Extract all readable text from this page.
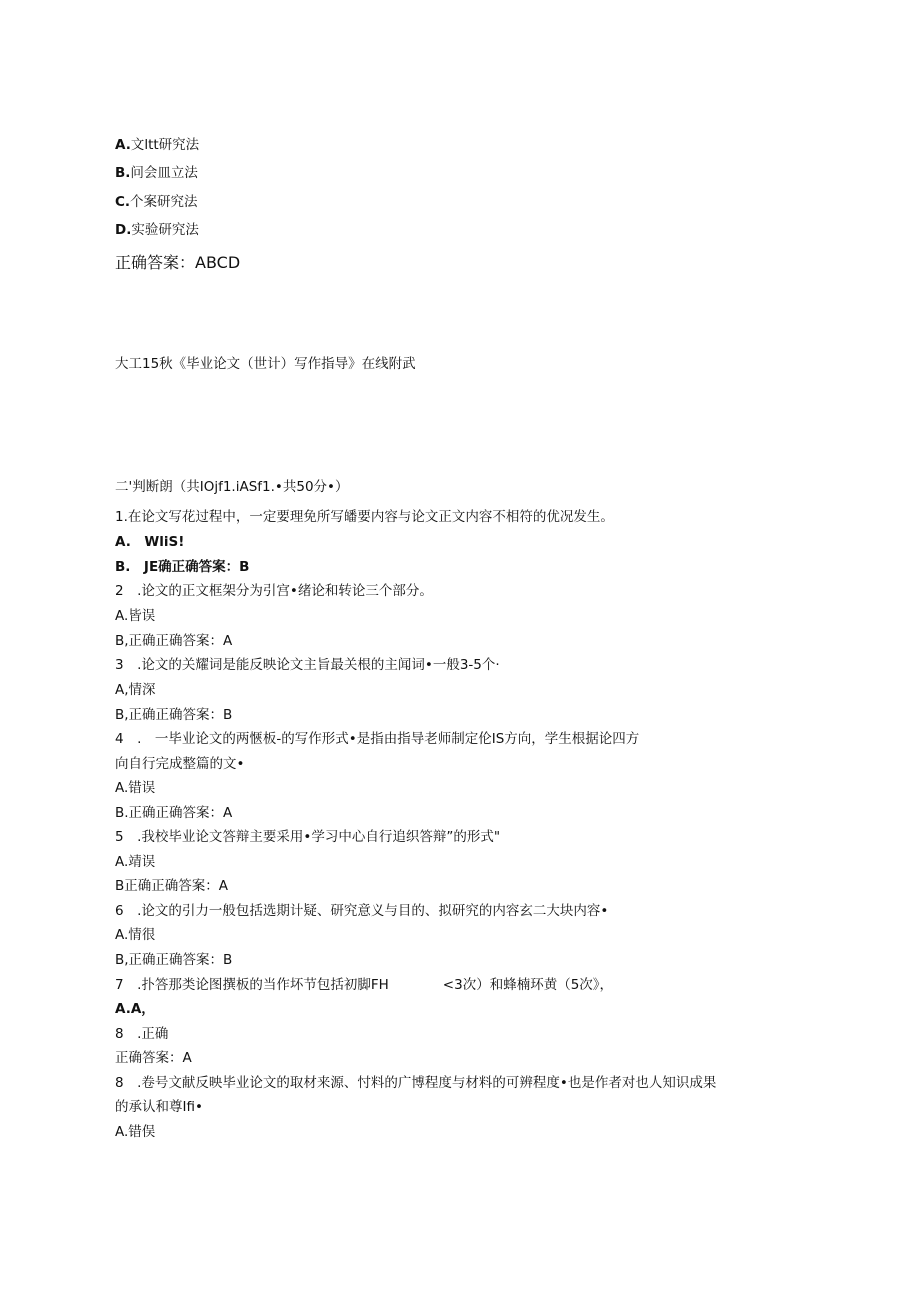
A.文ltt研究法
B.问会皿立法
C.个案研究法
D.实验研究法
正确答案：ABCD
大工15秋《毕业论文（世计）写作指导》在线附武
二'判断朗（共IOjf1.iASf1.•共50分•）
1.在论文写花过程中，一定要理免所写皤要内容与论文正文内容不相符的优况发生。
A.　WliS!
B.　JE确正确答案：B
2　.论文的正文框架分为引宫•绪论和转论三个部分。
A.皆误
B,正确正确答案：A
3　.论文的关耀词是能反映论文主旨最关根的主闻词•一般3-5个·
A,情深
B,正确正确答案：B
4　.　一毕业论文的两愜板-的写作形式•是指由指导老师制定伦IS方向，学生根据论四方
向自行完成整篇的文•
A.错误
B.正确正确答案：A
5　.我校毕业论文答辩主要采用•学习中心自行追织答辩”的形式"
A.靖误
B正确正确答案：A
6　.论文的引力一般包括选期计疑、研究意义与目的、拟研究的内容玄二大块内容•
A.情很
B,正确正确答案：B
7　.扑答那类论图撰板的当作坏节包括初脚FH　　　　<3次）和蜂楠环黄（5次》，
A.A，
8　.正确
正确答案：A
8　.卷号文献反映毕业论文的取材来源、忖料的广博程度与材料的可辨程度•也是作者对也人知识成果
的承认和尊Ifi•
A.错俣
